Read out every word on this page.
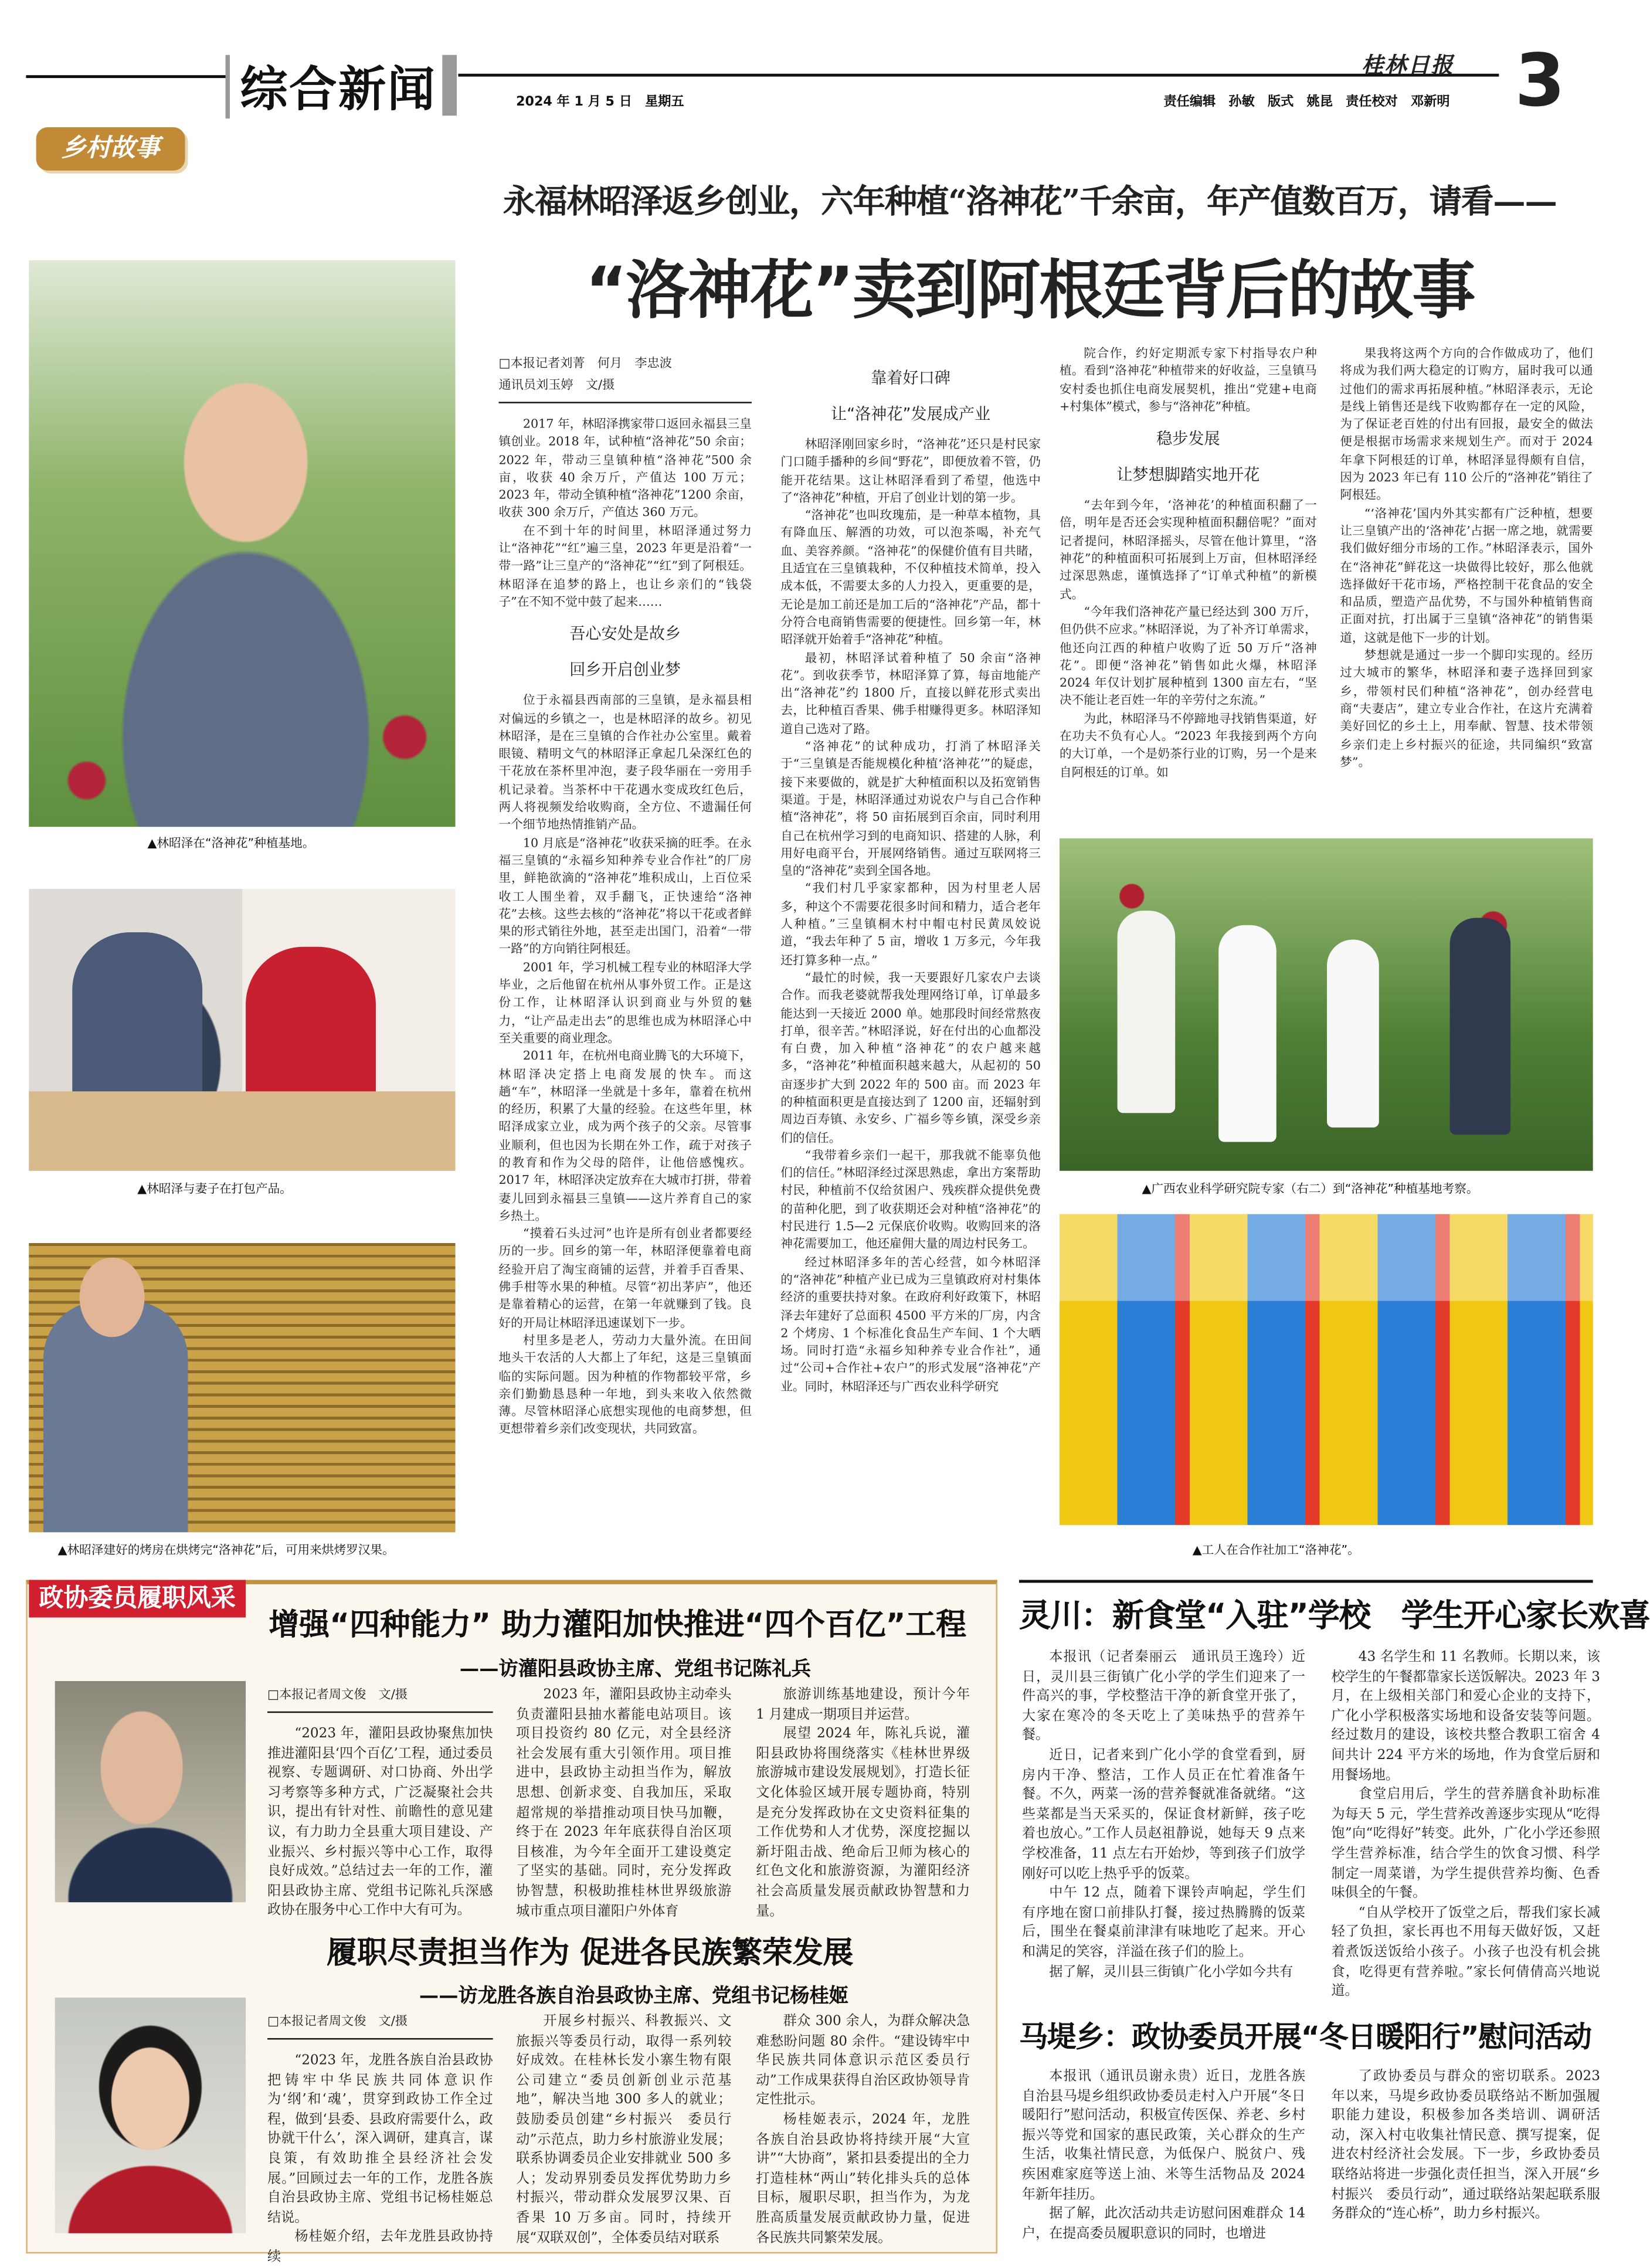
综合新闻	2024 年 1 月 5 日　星期五
桂林日报
责任编辑　孙敏　版式　姚昆　责任校对　邓新明 3
乡村故事
永福林昭泽返乡创业，六年种植“洛神花”千余亩，年产值数百万，请看——
“洛神花”卖到阿根廷背后的故事
▲林昭泽在“洛神花”种植基地。
▲林昭泽与妻子在打包产品。
▲林昭泽建好的烤房在烘烤完“洛神花”后，可用来烘烤罗汉果。
□本报记者刘菁　何月　李忠波
通讯员刘玉婷　文/摄

2017 年，林昭泽携家带口返回永福县三皇镇创业。2018 年，试种植“洛神花”50 余亩；2022 年，带动三皇镇种植“洛神花”500 余亩，收获 40 余万斤，产值达 100 万元；2023 年，带动全镇种植“洛神花”1200 余亩，收获 300 余万斤，产值达 360 万元。

在不到十年的时间里，林昭泽通过努力让“洛神花”“红”遍三皇，2023 年更是沿着“一带一路”让三皇产的“洛神花”“红”到了阿根廷。林昭泽在追梦的路上，也让乡亲们的“钱袋子”在不知不觉中鼓了起来……

吾心安处是故乡
回乡开启创业梦

位于永福县西南部的三皇镇，是永福县相对偏远的乡镇之一，也是林昭泽的故乡。初见林昭泽，是在三皇镇的合作社办公室里。戴着眼镜、精明文气的林昭泽正拿起几朵深红色的干花放在茶杯里冲泡，妻子段华丽在一旁用手机记录着。当茶杯中干花遇水变成玫红色后，两人将视频发给收购商，全方位、不遗漏任何一个细节地热情推销产品。

10 月底是“洛神花”收获采摘的旺季。在永福三皇镇的“永福乡知种养专业合作社”的厂房里，鲜艳欲滴的“洛神花”堆积成山，上百位采收工人围坐着，双手翻飞，正快速给“洛神花”去核。这些去核的“洛神花”将以干花或者鲜果的形式销往外地，甚至走出国门，沿着“一带一路”的方向销往阿根廷。

2001 年，学习机械工程专业的林昭泽大学毕业，之后他留在杭州从事外贸工作。正是这份工作，让林昭泽认识到商业与外贸的魅力，“让产品走出去”的思维也成为林昭泽心中至关重要的商业理念。

2011 年，在杭州电商业腾飞的大环境下，林昭泽决定搭上电商发展的快车。而这趟“车”，林昭泽一坐就是十多年，靠着在杭州的经历，积累了大量的经验。在这些年里，林昭泽成家立业，成为两个孩子的父亲。尽管事业顺利，但也因为长期在外工作，疏于对孩子的教育和作为父母的陪伴，让他倍感愧疚。2017 年，林昭泽决定放弃在大城市打拼，带着妻儿回到永福县三皇镇——这片养育自己的家乡热土。

“摸着石头过河”也许是所有创业者都要经历的一步。回乡的第一年，林昭泽便靠着电商经验开启了淘宝商铺的运营，并着手百香果、佛手柑等水果的种植。尽管“初出茅庐”，他还是靠着精心的运营，在第一年就赚到了钱。良好的开局让林昭泽迅速谋划下一步。

村里多是老人，劳动力大量外流。在田间地头干农活的人大都上了年纪，这是三皇镇面临的实际问题。因为种植的作物都较平常，乡亲们勤勤恳恳种一年地，到头来收入依然微薄。尽管林昭泽心底想实现他的电商梦想，但更想带着乡亲们改变现状，共同致富。

靠着好口碑
让“洛神花”发展成产业

林昭泽刚回家乡时，“洛神花”还只是村民家门口随手播种的乡间“野花”，即便放着不管，仍能开花结果。这让林昭泽看到了希望，他选中了“洛神花”种植，开启了创业计划的第一步。

“洛神花”也叫玫瑰茄，是一种草本植物，具有降血压、解酒的功效，可以泡茶喝，补充气血、美容养颜。“洛神花”的保健价值有目共睹，且适宜在三皇镇栽种，不仅种植技术简单，投入成本低，不需要太多的人力投入，更重要的是，无论是加工前还是加工后的“洛神花”产品，都十分符合电商销售需要的便捷性。回乡第一年，林昭泽就开始着手“洛神花”种植。

最初，林昭泽试着种植了 50 余亩“洛神花”。到收获季节，林昭泽算了算，每亩地能产出“洛神花”约 1800 斤，直接以鲜花形式卖出去，比种植百香果、佛手柑赚得更多。林昭泽知道自己选对了路。

“洛神花”的试种成功，打消了林昭泽关于“三皇镇是否能规模化种植‘洛神花’”的疑虑，接下来要做的，就是扩大种植面积以及拓宽销售渠道。于是，林昭泽通过劝说农户与自己合作种植“洛神花”，将 50 亩拓展到百余亩，同时利用自己在杭州学习到的电商知识、搭建的人脉，利用好电商平台，开展网络销售。通过互联网将三皇的“洛神花”卖到全国各地。

“我们村几乎家家都种，因为村里老人居多，种这个不需要花很多时间和精力，适合老年人种植。”三皇镇桐木村中帽屯村民黄凤姣说道，“我去年种了 5 亩，增收 1 万多元，今年我还打算多种一点。”

“最忙的时候，我一天要跟好几家农户去谈合作。而我老婆就帮我处理网络订单，订单最多能达到一天接近 2000 单。她那段时间经常熬夜打单，很辛苦。”林昭泽说，好在付出的心血都没有白费，加入种植“洛神花”的农户越来越多，“洛神花”种植面积越来越大，从起初的 50 亩逐步扩大到 2022 年的 500 亩。而 2023 年的种植面积更是直接达到了 1200 亩，还辐射到周边百寿镇、永安乡、广福乡等乡镇，深受乡亲们的信任。

“我带着乡亲们一起干，那我就不能辜负他们的信任。”林昭泽经过深思熟虑，拿出方案帮助村民，种植前不仅给贫困户、残疾群众提供免费的苗种化肥，到了收获期还会对种植“洛神花”的村民进行 1.5—2 元保底价收购。收购回来的洛神花需要加工，他还雇佣大量的周边村民务工。

经过林昭泽多年的苦心经营，如今林昭泽的“洛神花”种植产业已成为三皇镇政府对村集体经济的重要扶持对象。在政府利好政策下，林昭泽去年建好了总面积 4500 平方米的厂房，内含 2 个烤房、1 个标准化食品生产车间、1 个大晒场。同时打造“永福乡知种养专业合作社”，通过“公司+合作社+农户”的形式发展“洛神花”产业。同时，林昭泽还与广西农业科学研究

院合作，约好定期派专家下村指导农户种植。看到“洛神花”种植带来的好收益，三皇镇马安村委也抓住电商发展契机，推出“党建+电商+村集体”模式，参与“洛神花”种植。

稳步发展
让梦想脚踏实地开花

“去年到今年，‘洛神花’的种植面积翻了一倍，明年是否还会实现种植面积翻倍呢？”面对记者提问，林昭泽摇头，尽管在他计算里，“洛神花”的种植面积可拓展到上万亩，但林昭泽经过深思熟虑，谨慎选择了“订单式种植”的新模式。

“今年我们洛神花产量已经达到 300 万斤，但仍供不应求。”林昭泽说，为了补齐订单需求，他还向江西的种植户收购了近 50 万斤“洛神花”。即便“洛神花”销售如此火爆，林昭泽 2024 年仅计划扩展种植到 1300 亩左右，“坚决不能让老百姓一年的辛劳付之东流。”

为此，林昭泽马不停蹄地寻找销售渠道，好在功夫不负有心人。“2023 年我接到两个方向的大订单，一个是奶茶行业的订购，另一个是来自阿根廷的订单。如

果我将这两个方向的合作做成功了，他们将成为我们两大稳定的订购方，届时我可以通过他们的需求再拓展种植。”林昭泽表示，无论是线上销售还是线下收购都存在一定的风险，为了保证老百姓的付出有回报，最安全的做法便是根据市场需求来规划生产。而对于 2024 年拿下阿根廷的订单，林昭泽显得颇有自信，因为 2023 年已有 110 公斤的“洛神花”销往了阿根廷。

“‘洛神花’国内外其实都有广泛种植，想要让三皇镇产出的‘洛神花’占据一席之地，就需要我们做好细分市场的工作。”林昭泽表示，国外在“洛神花”鲜花这一块做得比较好，那么他就选择做好干花市场，严格控制干花食品的安全和品质，塑造产品优势，不与国外种植销售商正面对抗，打出属于三皇镇“洛神花”的销售渠道，这就是他下一步的计划。

梦想就是通过一步一个脚印实现的。经历过大城市的繁华，林昭泽和妻子选择回到家乡，带领村民们种植“洛神花”，创办经营电商“夫妻店”，建立专业合作社，在这片充满着美好回忆的乡土上，用奉献、智慧、技术带领乡亲们走上乡村振兴的征途，共同编织“致富梦”。

▲广西农业科学研究院专家（右二）到“洛神花”种植基地考察。
▲工人在合作社加工“洛神花”。
政协委员履职风采
增强“四种能力” 助力灌阳加快推进“四个百亿”工程
——访灌阳县政协主席、党组书记陈礼兵
□本报记者周文俊　文/摄

“2023 年，灌阳县政协聚焦加快推进灌阳县‘四个百亿’工程，通过委员视察、专题调研、对口协商、外出学习考察等多种方式，广泛凝聚社会共识，提出有针对性、前瞻性的意见建议，有力助力全县重大项目建设、产业振兴、乡村振兴等中心工作，取得良好成效。”总结过去一年的工作，灌阳县政协主席、党组书记陈礼兵深感政协在服务中心工作中大有可为。

2023 年，灌阳县政协主动牵头负责灌阳县抽水蓄能电站项目。该项目投资约 80 亿元，对全县经济社会发展有重大引领作用。项目推进中，县政协主动担当作为，解放思想、创新求变、自我加压，采取超常规的举措推动项目快马加鞭，终于在 2023 年年底获得自治区项目核准，为今年全面开工建设奠定了坚实的基础。同时，充分发挥政协智慧，积极助推桂林世界级旅游城市重点项目灌阳户外体育

旅游训练基地建设，预计今年 1 月建成一期项目并运营。

展望 2024 年，陈礼兵说，灌阳县政协将围绕落实《桂林世界级旅游城市建设发展规划》，打造长征文化体验区域开展专题协商，特别是充分发挥政协在文史资料征集的工作优势和人才优势，深度挖掘以新圩阻击战、绝命后卫师为核心的红色文化和旅游资源，为灌阳经济社会高质量发展贡献政协智慧和力量。

履职尽责担当作为 促进各民族繁荣发展
——访龙胜各族自治县政协主席、党组书记杨桂姬
□本报记者周文俊　文/摄

“2023 年，龙胜各族自治县政协把铸牢中华民族共同体意识作为‘纲’和‘魂’，贯穿到政协工作全过程，做到‘县委、县政府需要什么，政协就干什么’，深入调研，建真言，谋良策，有效助推全县经济社会发展。”回顾过去一年的工作，龙胜各族自治县政协主席、党组书记杨桂姬总结说。

杨桂姬介绍，去年龙胜县政协持续

开展乡村振兴、科教振兴、文旅振兴等委员行动，取得一系列较好成效。在桂林长发小寨生物有限公司建立“委员创新创业示范基地”，解决当地 300 多人的就业；鼓励委员创建“乡村振兴　委员行动”示范点，助力乡村旅游业发展；联系协调委员企业安排就业 500 多人；发动界别委员发挥优势助力乡村振兴，带动群众发展罗汉果、百香果 10 万多亩。同时，持续开展“双联双创”，全体委员结对联系

群众 300 余人，为群众解决急难愁盼问题 80 余件。“建设铸牢中华民族共同体意识示范区委员行动”工作成果获得自治区政协领导肯定性批示。

杨桂姬表示，2024 年，龙胜各族自治县政协将持续开展“大宣讲”“大协商”，紧扣县委提出的全力打造桂林“两山”转化排头兵的总体目标，履职尽职，担当作为，为龙胜高质量发展贡献政协力量，促进各民族共同繁荣发展。

灵川：新食堂“入驻”学校　学生开心家长欢喜

本报讯（记者秦丽云　通讯员王逸玲）近日，灵川县三街镇广化小学的学生们迎来了一件高兴的事，学校整洁干净的新食堂开张了，大家在寒冷的冬天吃上了美味热乎的营养午餐。

近日，记者来到广化小学的食堂看到，厨房内干净、整洁，工作人员正在忙着准备午餐。不久，两菜一汤的营养餐就准备就绪。“这些菜都是当天采买的，保证食材新鲜，孩子吃着也放心。”工作人员赵祖静说，她每天 9 点来学校准备，11 点左右开始炒，等到孩子们放学刚好可以吃上热乎乎的饭菜。

中午 12 点，随着下课铃声响起，学生们有序地在窗口前排队打餐，接过热腾腾的饭菜后，围坐在餐桌前津津有味地吃了起来。开心和满足的笑容，洋溢在孩子们的脸上。

据了解，灵川县三街镇广化小学如今共有

43 名学生和 11 名教师。长期以来，该校学生的午餐都靠家长送饭解决。2023 年 3 月，在上级相关部门和爱心企业的支持下，广化小学积极落实场地和设备安装等问题。经过数月的建设，该校共整合教职工宿舍 4 间共计 224 平方米的场地，作为食堂后厨和用餐场地。

食堂启用后，学生的营养膳食补助标准为每天 5 元，学生营养改善逐步实现从“吃得饱”向“吃得好”转变。此外，广化小学还参照学生营养标准，结合学生的饮食习惯、科学制定一周菜谱，为学生提供营养均衡、色香味俱全的午餐。

“自从学校开了饭堂之后，帮我们家长减轻了负担，家长再也不用每天做好饭，又赶着煮饭送饭给小孩子。小孩子也没有机会挑食，吃得更有营养啦。”家长何倩倩高兴地说道。

马堤乡：政协委员开展“冬日暖阳行”慰问活动

本报讯（通讯员谢永贵）近日，龙胜各族自治县马堤乡组织政协委员走村入户开展“冬日暖阳行”慰问活动，积极宣传医保、养老、乡村振兴等党和国家的惠民政策，关心群众的生产生活，收集社情民意，为低保户、脱贫户、残疾困难家庭等送上油、米等生活物品及 2024 年新年挂历。

据了解，此次活动共走访慰问困难群众 14 户，在提高委员履职意识的同时，也增进

了政协委员与群众的密切联系。2023 年以来，马堤乡政协委员联络站不断加强履职能力建设，积极参加各类培训、调研活动，深入村屯收集社情民意、撰写提案，促进农村经济社会发展。下一步，乡政协委员联络站将进一步强化责任担当，深入开展“乡村振兴　委员行动”，通过联络站架起联系服务群众的“连心桥”，助力乡村振兴。
